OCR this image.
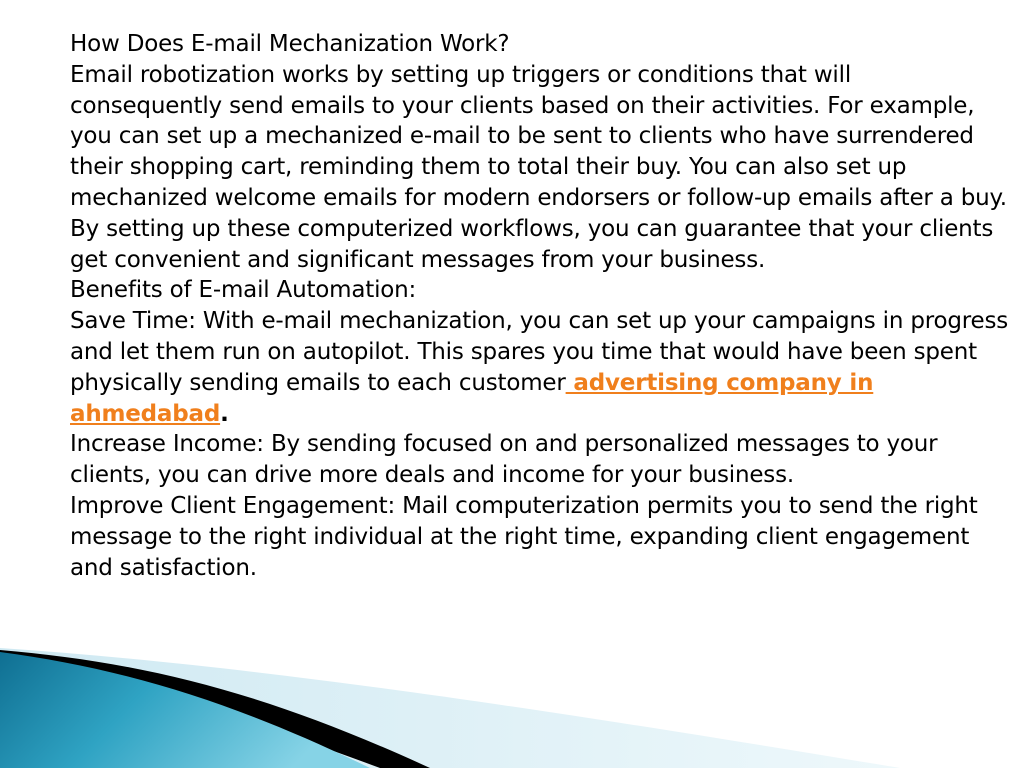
How Does E-mail Mechanization Work?

Email robotization works by setting up triggers or conditions that will consequently send emails to your clients based on their activities. For example, you can set up a mechanized e-mail to be sent to clients who have surrendered their shopping cart, reminding them to total their buy. You can also set up mechanized welcome emails for modern endorsers or follow-up emails after a buy. By setting up these computerized workflows, you can guarantee that your clients get convenient and significant messages from your business.

Benefits of E-mail Automation:

Save Time: With e-mail mechanization, you can set up your campaigns in progress and let them run on autopilot. This spares you time that would have been spent physically sending emails to each customer advertising company in ahmedabad.

Increase Income: By sending focused on and personalized messages to your clients, you can drive more deals and income for your business.

Improve Client Engagement: Mail computerization permits you to send the right message to the right individual at the right time, expanding client engagement and satisfaction.
